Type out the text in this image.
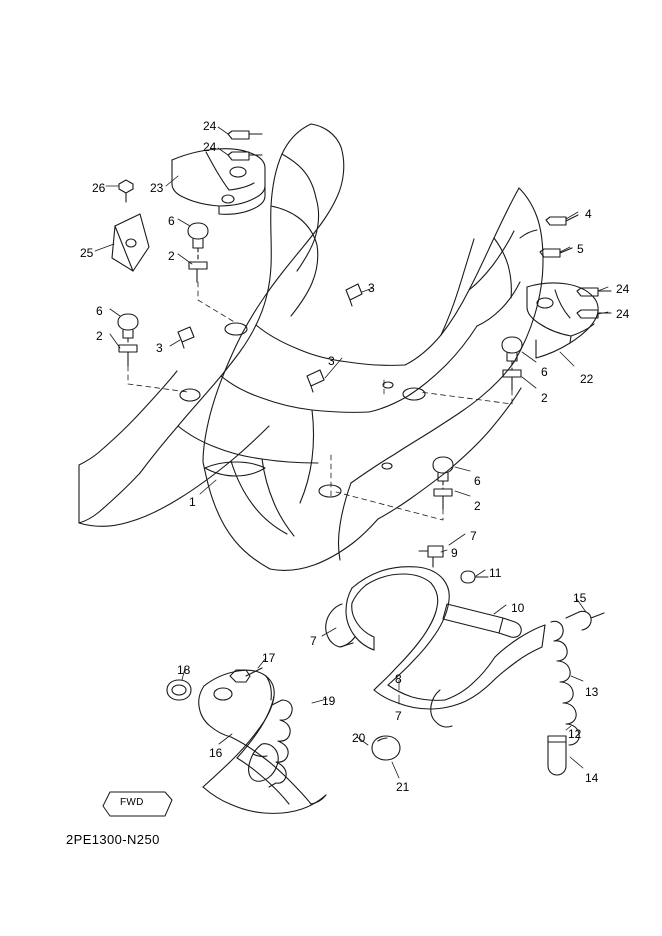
24
24
26	23
6	4
2	5
25
24
3
24
6
2
3
3
6	22
2
6
1	2
7
9
11
10
15
7
13
18
17
8
19
7
12
20
16
14
21
FWD
2PE1300-N250
